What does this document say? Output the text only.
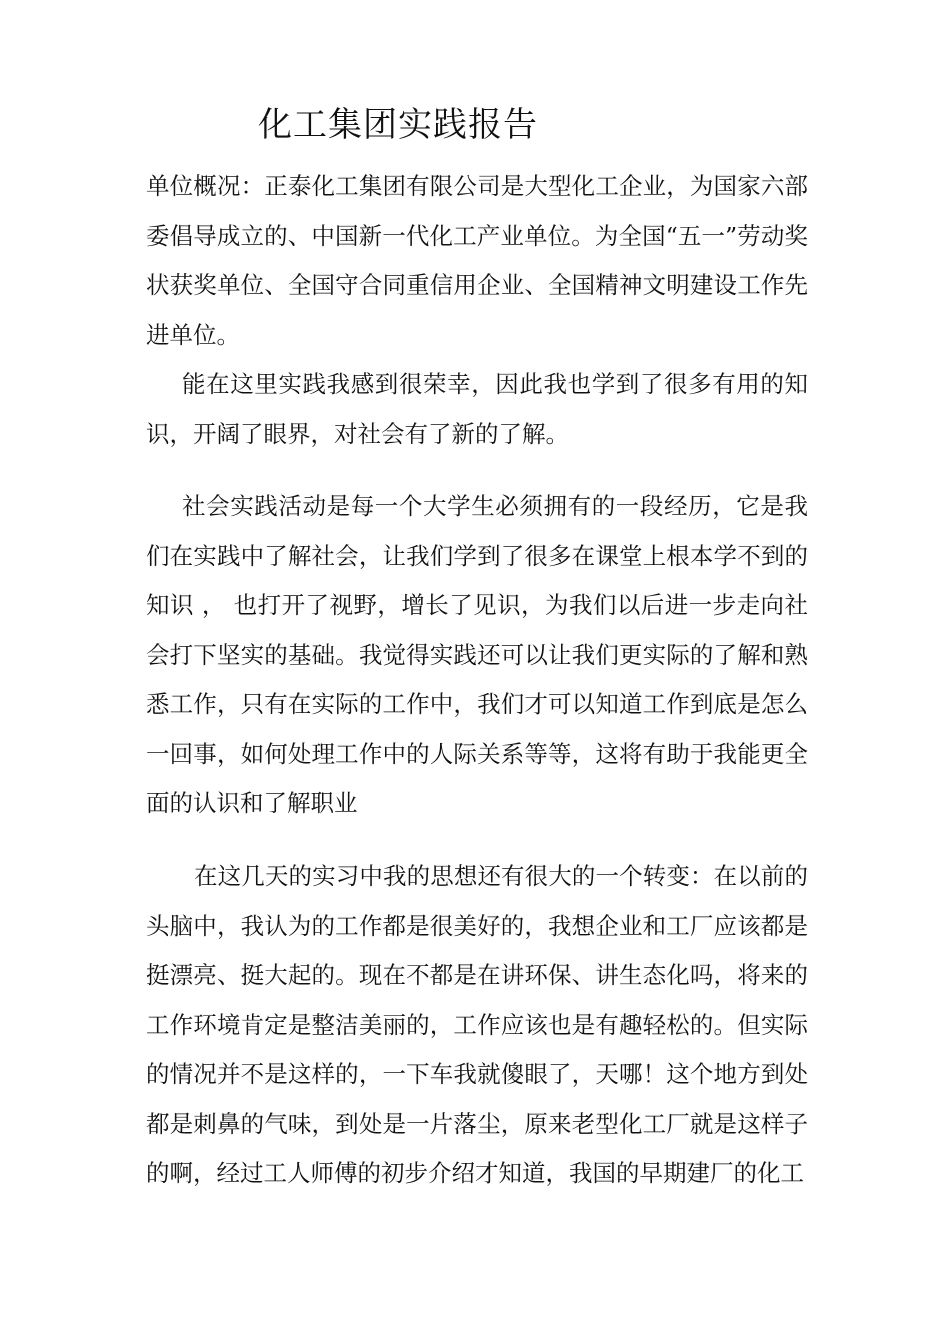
化工集团实践报告

单位概况：正泰化工集团有限公司是大型化工企业，为国家六部委倡导成立的、中国新一代化工产业单位。为全国“五一”劳动奖状获奖单位、全国守合同重信用企业、全国精神文明建设工作先进单位。

能在这里实践我感到很荣幸，因此我也学到了很多有用的知识，开阔了眼界，对社会有了新的了解。

社会实践活动是每一个大学生必须拥有的一段经历，它是我们在实践中了解社会，让我们学到了很多在课堂上根本学不到的知识 ， 也打开了视野，增长了见识，为我们以后进一步走向社会打下坚实的基础。我觉得实践还可以让我们更实际的了解和熟悉工作，只有在实际的工作中，我们才可以知道工作到底是怎么一回事，如何处理工作中的人际关系等等，这将有助于我能更全面的认识和了解职业

在这几天的实习中我的思想还有很大的一个转变：在以前的头脑中，我认为的工作都是很美好的，我想企业和工厂应该都是挺漂亮、挺大起的。现在不都是在讲环保、讲生态化吗，将来的工作环境肯定是整洁美丽的，工作应该也是有趣轻松的。但实际的情况并不是这样的，一下车我就傻眼了，天哪！这个地方到处都是刺鼻的气味，到处是一片落尘，原来老型化工厂就是这样子的啊，经过工人师傅的初步介绍才知道，我国的早期建厂的化工
